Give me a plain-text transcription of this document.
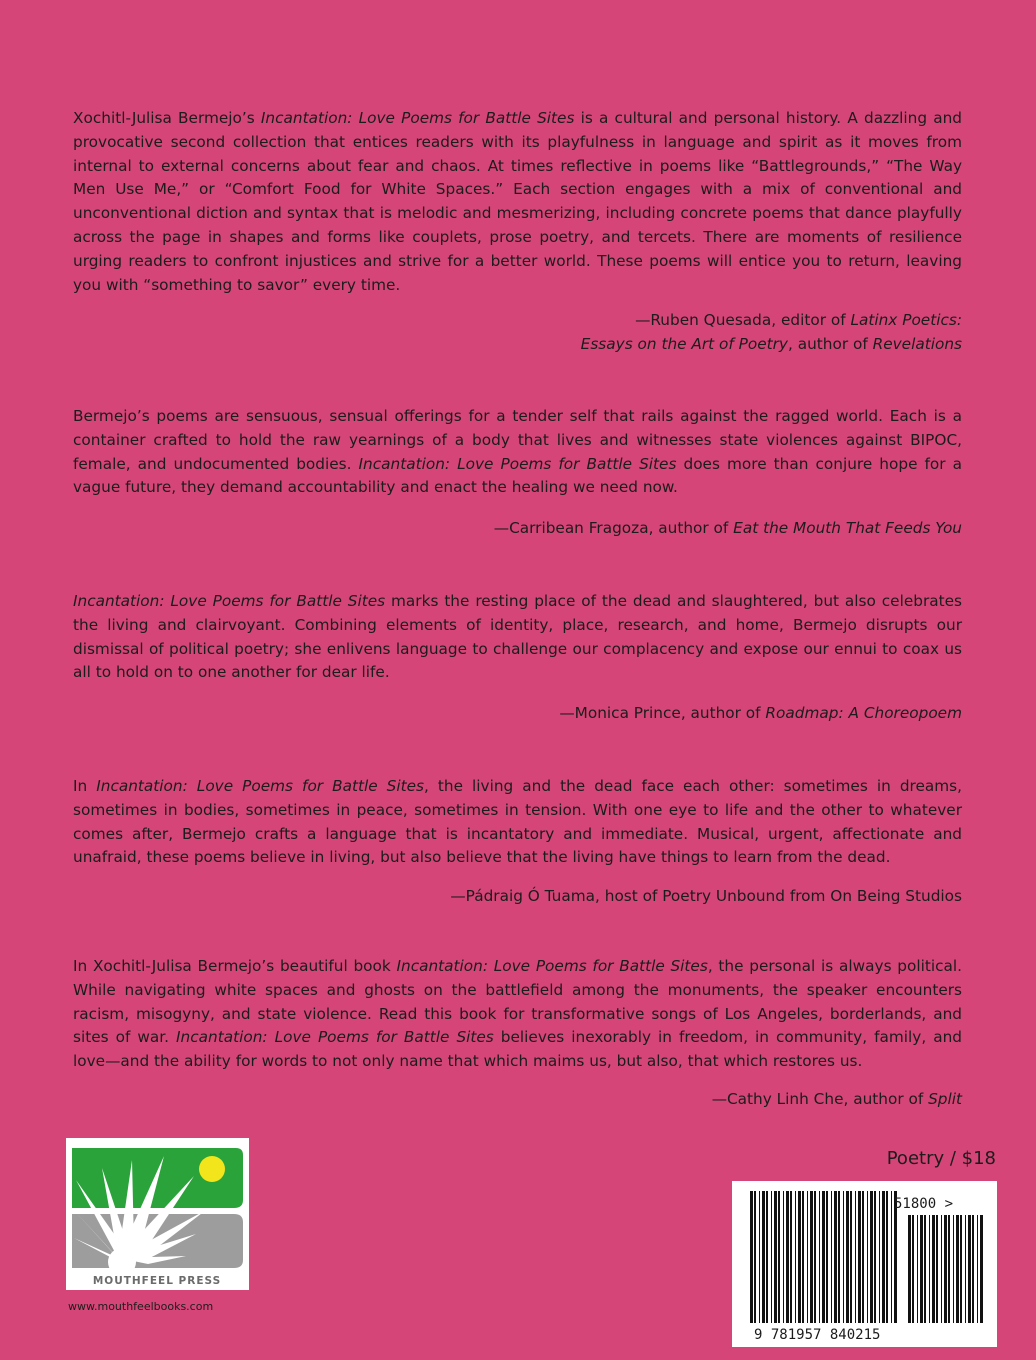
Xochitl-Julisa Bermejo’s Incantation: Love Poems for Battle Sites is a cultural and personal history. A dazzling and provocative second collection that entices readers with its playfulness in language and spirit as it moves from internal to external concerns about fear and chaos. At times reflective in poems like “Battlegrounds,” “The Way Men Use Me,” or “Comfort Food for White Spaces.” Each section engages with a mix of conventional and unconventional diction and syntax that is melodic and mesmerizing, including concrete poems that dance playfully across the page in shapes and forms like couplets, prose poetry, and tercets. There are moments of resilience urging readers to confront injustices and strive for a better world. These poems will entice you to return, leaving you with “something to savor” every time.

—Ruben Quesada, editor of Latinx Poetics:
Essays on the Art of Poetry, author of Revelations

Bermejo’s poems are sensuous, sensual offerings for a tender self that rails against the ragged world. Each is a container crafted to hold the raw yearnings of a body that lives and witnesses state violences against BIPOC, female, and undocumented bodies. Incantation: Love Poems for Battle Sites does more than conjure hope for a vague future, they demand accountability and enact the healing we need now.

—Carribean Fragoza, author of Eat the Mouth That Feeds You

Incantation: Love Poems for Battle Sites marks the resting place of the dead and slaughtered, but also celebrates the living and clairvoyant. Combining elements of identity, place, research, and home, Bermejo disrupts our dismissal of political poetry; she enlivens language to challenge our complacency and expose our ennui to coax us all to hold on to one another for dear life.

—Monica Prince, author of Roadmap: A Choreopoem

In Incantation: Love Poems for Battle Sites, the living and the dead face each other: sometimes in dreams, sometimes in bodies, sometimes in peace, sometimes in tension. With one eye to life and the other to whatever comes after, Bermejo crafts a language that is incantatory and immediate. Musical, urgent, affectionate and unafraid, these poems believe in living, but also believe that the living have things to learn from the dead.

—Pádraig Ó Tuama, host of Poetry Unbound from On Being Studios

In Xochitl-Julisa Bermejo’s beautiful book Incantation: Love Poems for Battle Sites, the personal is always political. While navigating white spaces and ghosts on the battlefield among the monuments, the speaker encounters racism, misogyny, and state violence. Read this book for transformative songs of Los Angeles, borderlands, and sites of war. Incantation: Love Poems for Battle Sites believes inexorably in freedom, in community, family, and love—and the ability for words to not only name that which maims us, but also, that which restores us.

—Cathy Linh Che, author of Split
MOUTHFEEL PRESS
www.mouthfeelbooks.com
Poetry / $18
51800 >
9 781957 840215
